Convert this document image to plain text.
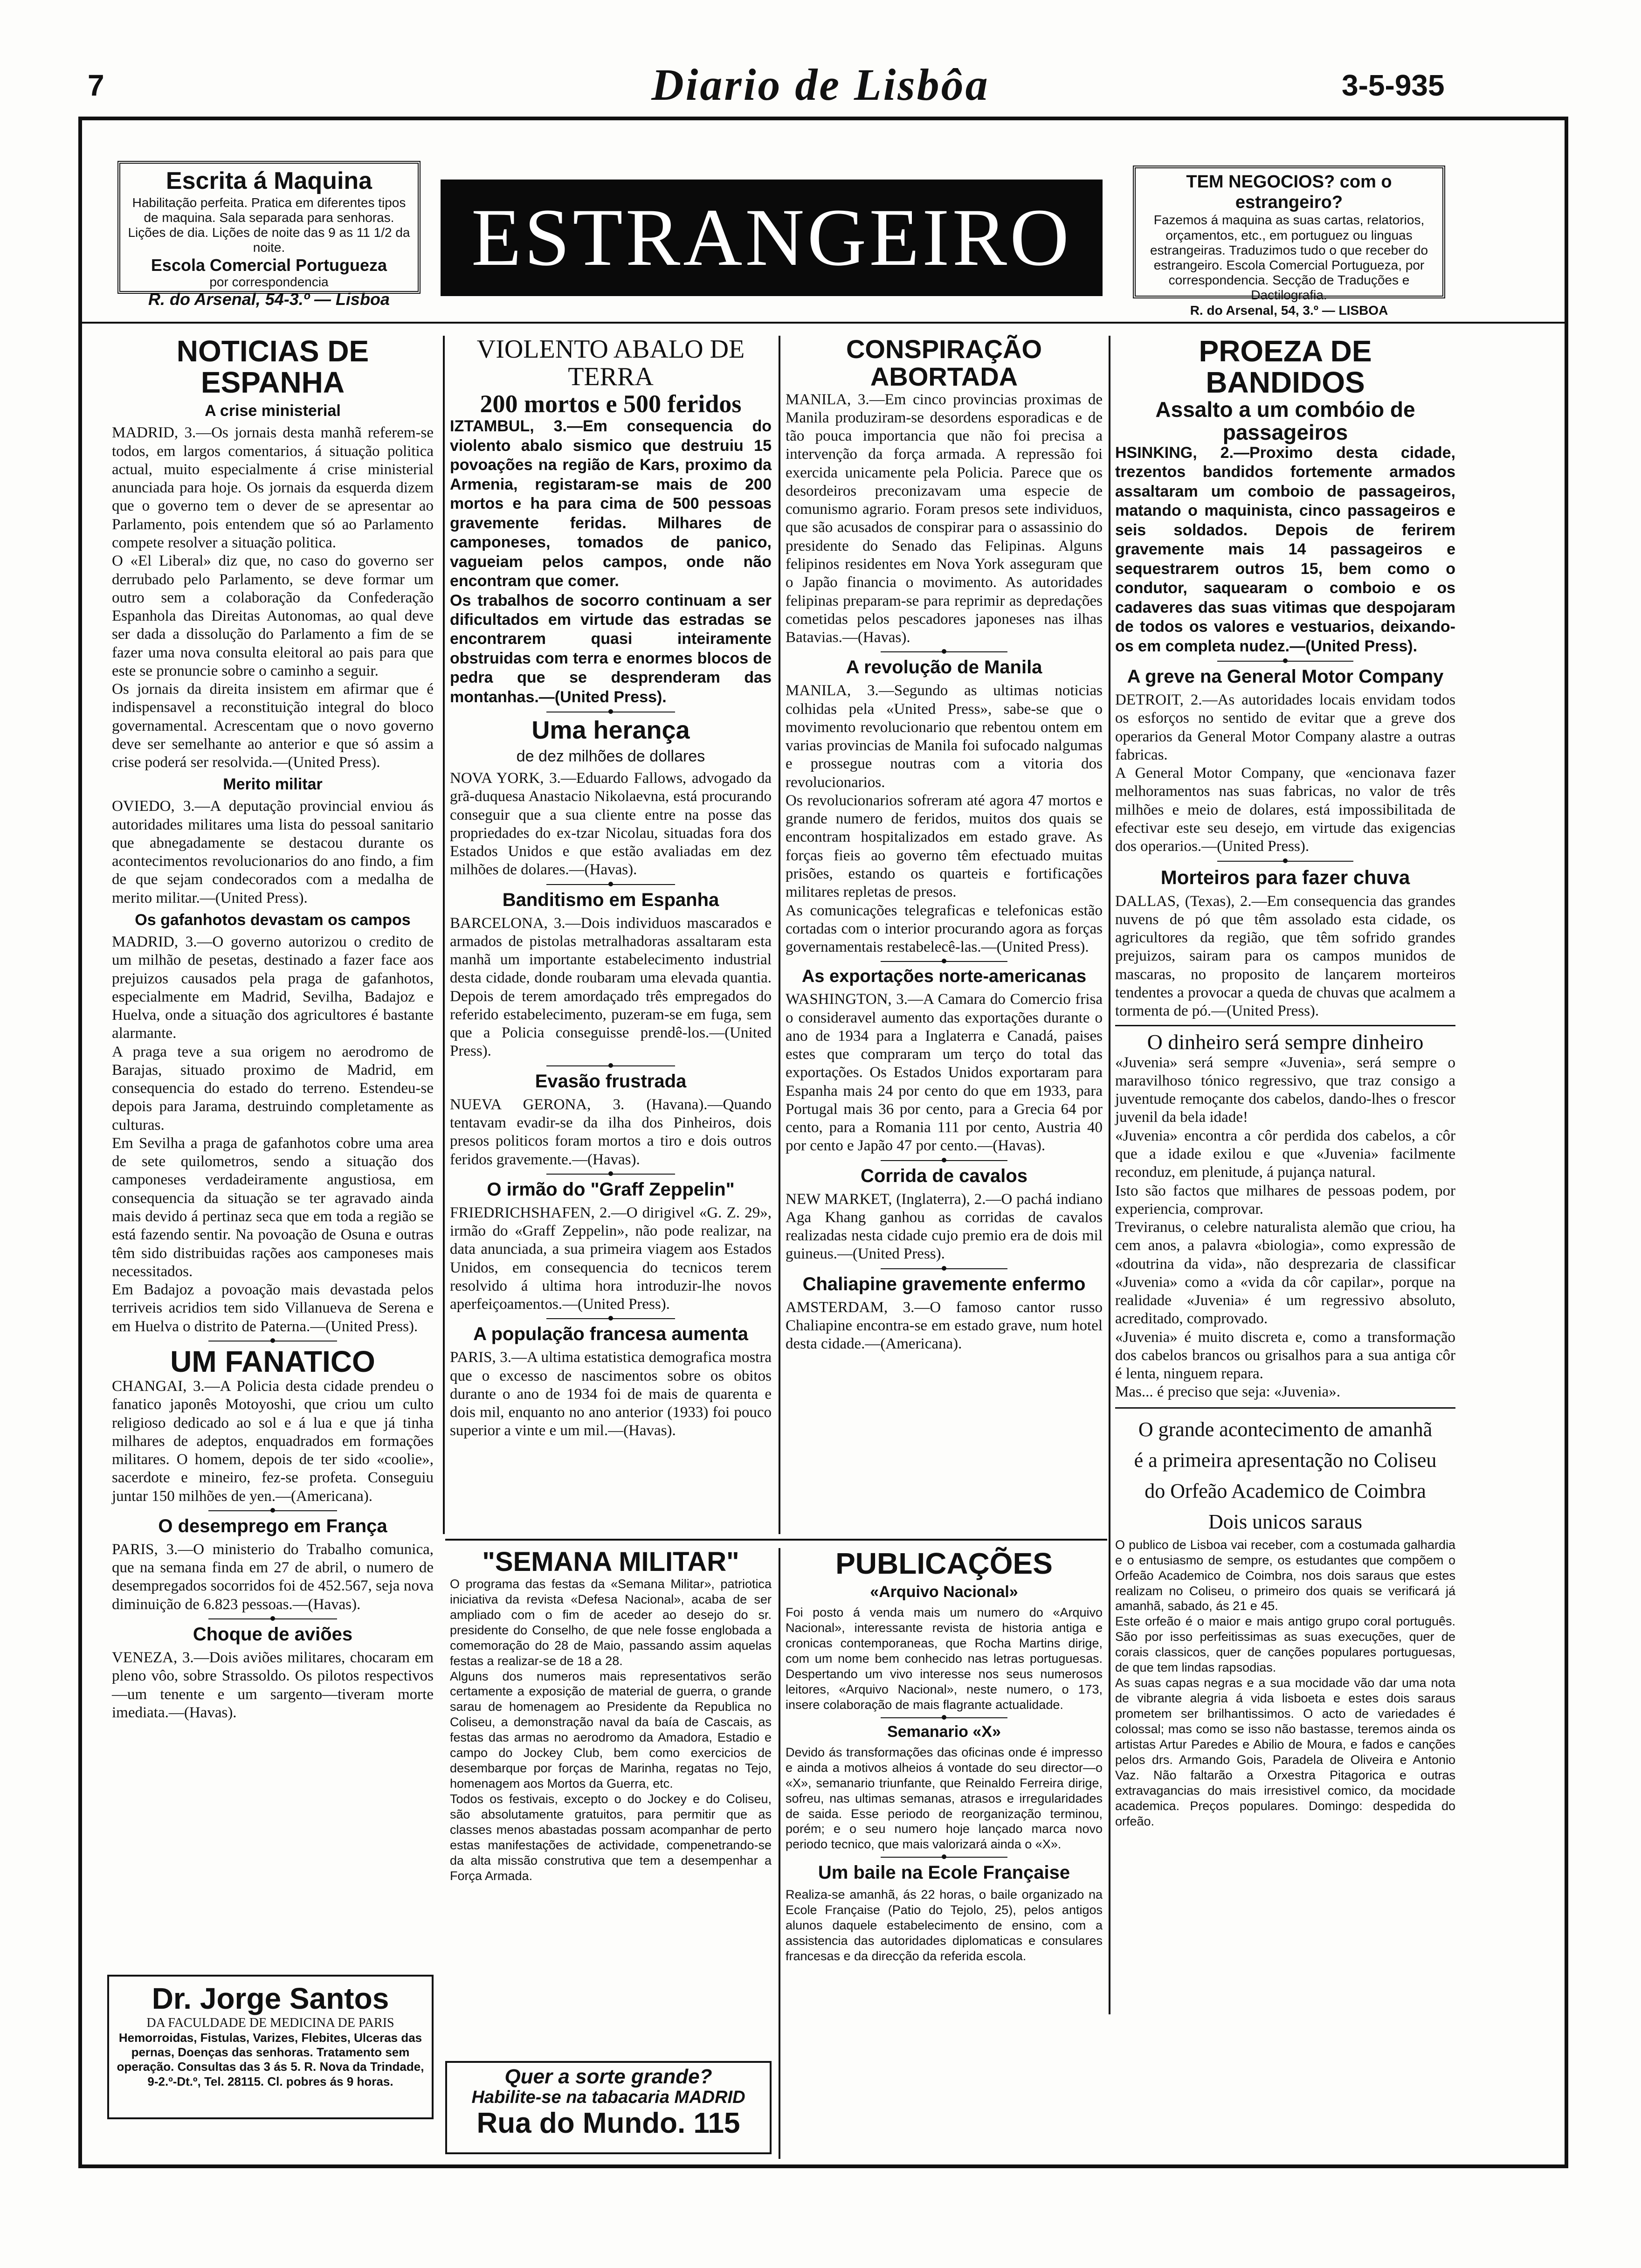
7	Diario de Lisbôa	3-5-935
Escrita á Maquina
Habilitação perfeita. Pratica em diferentes tipos de maquina. Sala separada para senhoras. Lições de dia. Lições de noite das 9 as 11 1/2 da noite.
Escola Comercial Portugueza
por correspondencia
R. do Arsenal, 54-3.º — Lisboa
ESTRANGEIRO
TEM NEGOCIOS? com o estrangeiro?
Fazemos á maquina as suas cartas, relatorios, orçamentos, etc., em portuguez ou linguas estrangeiras. Traduzimos tudo o que receber do estrangeiro. Escola Comercial Portugueza, por correspondencia. Secção de Traduções e Dactilografia.
R. do Arsenal, 54, 3.º — LISBOA
NOTICIAS DE ESPANHA
A crise ministerial

MADRID, 3.—Os jornais desta manhã referem-se todos, em largos comentarios, á situação politica actual, muito especialmente á crise ministerial anunciada para hoje. Os jornais da esquerda dizem que o governo tem o dever de se apresentar ao Parlamento, pois entendem que só ao Parlamento compete resolver a situação politica.

O «El Liberal» diz que, no caso do governo ser derrubado pelo Parlamento, se deve formar um outro sem a colaboração da Confederação Espanhola das Direitas Autonomas, ao qual deve ser dada a dissolução do Parlamento a fim de se fazer uma nova consulta eleitoral ao pais para que este se pronuncie sobre o caminho a seguir.

Os jornais da direita insistem em afirmar que é indispensavel a reconstituição integral do bloco governamental. Acrescentam que o novo governo deve ser semelhante ao anterior e que só assim a crise poderá ser resolvida.—(United Press).

Merito militar

OVIEDO, 3.—A deputação provincial enviou ás autoridades militares uma lista do pessoal sanitario que abnegadamente se destacou durante os acontecimentos revolucionarios do ano findo, a fim de que sejam condecorados com a medalha de merito militar.—(United Press).

Os gafanhotos devastam os campos

MADRID, 3.—O governo autorizou o credito de um milhão de pesetas, destinado a fazer face aos prejuizos causados pela praga de gafanhotos, especialmente em Madrid, Sevilha, Badajoz e Huelva, onde a situação dos agricultores é bastante alarmante.

A praga teve a sua origem no aerodromo de Barajas, situado proximo de Madrid, em consequencia do estado do terreno. Estendeu-se depois para Jarama, destruindo completamente as culturas.

Em Sevilha a praga de gafanhotos cobre uma area de sete quilometros, sendo a situação dos camponeses verdadeiramente angustiosa, em consequencia da situação se ter agravado ainda mais devido á pertinaz seca que em toda a região se está fazendo sentir. Na povoação de Osuna e outras têm sido distribuidas rações aos camponeses mais necessitados.

Em Badajoz a povoação mais devastada pelos terriveis acridios tem sido Villanueva de Serena e em Huelva o distrito de Paterna.—(United Press).

UM FANATICO

CHANGAI, 3.—A Policia desta cidade prendeu o fanatico japonês Motoyoshi, que criou um culto religioso dedicado ao sol e á lua e que já tinha milhares de adeptos, enquadrados em formações militares. O homem, depois de ter sido «coolie», sacerdote e mineiro, fez-se profeta. Conseguiu juntar 150 milhões de yen.—(Americana).

O desemprego em França

PARIS, 3.—O ministerio do Trabalho comunica, que na semana finda em 27 de abril, o numero de desempregados socorridos foi de 452.567, seja nova diminuição de 6.823 pessoas.—(Havas).

Choque de aviões

VENEZA, 3.—Dois aviões militares, chocaram em pleno vôo, sobre Strassoldo. Os pilotos respectivos—um tenente e um sargento—tiveram morte imediata.—(Havas).

Dr. Jorge Santos
DA FACULDADE DE MEDICINA DE PARIS
Hemorroidas, Fistulas, Varizes, Flebites, Ulceras das pernas, Doenças das senhoras. Tratamento sem operação. Consultas das 3 ás 5. R. Nova da Trindade, 9-2.º-Dt.º, Tel. 28115. Cl. pobres ás 9 horas.
VIOLENTO ABALO DE TERRA
200 mortos e 500 feridos

IZTAMBUL, 3.—Em consequencia do violento abalo sismico que destruiu 15 povoações na região de Kars, proximo da Armenia, registaram-se mais de 200 mortos e ha para cima de 500 pessoas gravemente feridas. Milhares de camponeses, tomados de panico, vagueiam pelos campos, onde não encontram que comer.

Os trabalhos de socorro continuam a ser dificultados em virtude das estradas se encontrarem quasi inteiramente obstruidas com terra e enormes blocos de pedra que se desprenderam das montanhas.—(United Press).

Uma herança
de dez milhões de dollares

NOVA YORK, 3.—Eduardo Fallows, advogado da grã-duquesa Anastacio Nikolaevna, está procurando conseguir que a sua cliente entre na posse das propriedades do ex-tzar Nicolau, situadas fora dos Estados Unidos e que estão avaliadas em dez milhões de dolares.—(Havas).

Banditismo em Espanha

BARCELONA, 3.—Dois individuos mascarados e armados de pistolas metralhadoras assaltaram esta manhã um importante estabelecimento industrial desta cidade, donde roubaram uma elevada quantia. Depois de terem amordaçado três empregados do referido estabelecimento, puzeram-se em fuga, sem que a Policia conseguisse prendê-los.—(United Press).

Evasão frustrada

NUEVA GERONA, 3. (Havana).—Quando tentavam evadir-se da ilha dos Pinheiros, dois presos politicos foram mortos a tiro e dois outros feridos gravemente.—(Havas).

O irmão do "Graff Zeppelin"

FRIEDRICHSHAFEN, 2.—O dirigivel «G. Z. 29», irmão do «Graff Zeppelin», não pode realizar, na data anunciada, a sua primeira viagem aos Estados Unidos, em consequencia do tecnicos terem resolvido á ultima hora introduzir-lhe novos aperfeiçoamentos.—(United Press).

A população francesa aumenta

PARIS, 3.—A ultima estatistica demografica mostra que o excesso de nascimentos sobre os obitos durante o ano de 1934 foi de mais de quarenta e dois mil, enquanto no ano anterior (1933) foi pouco superior a vinte e um mil.—(Havas).

CONSPIRAÇÃO ABORTADA

MANILA, 3.—Em cinco provincias proximas de Manila produziram-se desordens esporadicas e de tão pouca importancia que não foi precisa a intervenção da força armada. A repressão foi exercida unicamente pela Policia. Parece que os desordeiros preconizavam uma especie de comunismo agrario. Foram presos sete individuos, que são acusados de conspirar para o assassinio do presidente do Senado das Felipinas. Alguns felipinos residentes em Nova York asseguram que o Japão financia o movimento. As autoridades felipinas preparam-se para reprimir as depredações cometidas pelos pescadores japoneses nas ilhas Batavias.—(Havas).

A revolução de Manila

MANILA, 3.—Segundo as ultimas noticias colhidas pela «United Press», sabe-se que o movimento revolucionario que rebentou ontem em varias provincias de Manila foi sufocado nalgumas e prossegue noutras com a vitoria dos revolucionarios.

Os revolucionarios sofreram até agora 47 mortos e grande numero de feridos, muitos dos quais se encontram hospitalizados em estado grave. As forças fieis ao governo têm efectuado muitas prisões, estando os quarteis e fortificações militares repletas de presos.

As comunicações telegraficas e telefonicas estão cortadas com o interior procurando agora as forças governamentais restabelecê-las.—(United Press).

As exportações norte-americanas

WASHINGTON, 3.—A Camara do Comercio frisa o consideravel aumento das exportações durante o ano de 1934 para a Inglaterra e Canadá, paises estes que compraram um terço do total das exportações. Os Estados Unidos exportaram para Espanha mais 24 por cento do que em 1933, para Portugal mais 36 por cento, para a Grecia 64 por cento, para a Romania 111 por cento, Austria 40 por cento e Japão 47 por cento.—(Havas).

Corrida de cavalos

NEW MARKET, (Inglaterra), 2.—O pachá indiano Aga Khang ganhou as corridas de cavalos realizadas nesta cidade cujo premio era de dois mil guineus.—(United Press).

Chaliapine gravemente enfermo

AMSTERDAM, 3.—O famoso cantor russo Chaliapine encontra-se em estado grave, num hotel desta cidade.—(Americana).

PROEZA DE BANDIDOS
Assalto a um combóio de passageiros

HSINKING, 2.—Proximo desta cidade, trezentos bandidos fortemente armados assaltaram um comboio de passageiros, matando o maquinista, cinco passageiros e seis soldados. Depois de ferirem gravemente mais 14 passageiros e sequestrarem outros 15, bem como o condutor, saquearam o comboio e os cadaveres das suas vitimas que despojaram de todos os valores e vestuarios, deixando-os em completa nudez.—(United Press).

A greve na General Motor Company

DETROIT, 2.—As autoridades locais envidam todos os esforços no sentido de evitar que a greve dos operarios da General Motor Company alastre a outras fabricas.

A General Motor Company, que «encionava fazer melhoramentos nas suas fabricas, no valor de três milhões e meio de dolares, está impossibilitada de efectivar este seu desejo, em virtude das exigencias dos operarios.—(United Press).

Morteiros para fazer chuva

DALLAS, (Texas), 2.—Em consequencia das grandes nuvens de pó que têm assolado esta cidade, os agricultores da região, que têm sofrido grandes prejuizos, sairam para os campos munidos de mascaras, no proposito de lançarem morteiros tendentes a provocar a queda de chuvas que acalmem a tormenta de pó.—(United Press).

O dinheiro será sempre dinheiro

«Juvenia» será sempre «Juvenia», será sempre o maravilhoso tónico regressivo, que traz consigo a juventude remoçante dos cabelos, dando-lhes o frescor juvenil da bela idade!

«Juvenia» encontra a côr perdida dos cabelos, a côr que a idade exilou e que «Juvenia» facilmente reconduz, em plenitude, á pujança natural.

Isto são factos que milhares de pessoas podem, por experiencia, comprovar.

Treviranus, o celebre naturalista alemão que criou, ha cem anos, a palavra «biologia», como expressão de «doutrina da vida», não desprezaria de classificar «Juvenia» como a «vida da côr capilar», porque na realidade «Juvenia» é um regressivo absoluto, acreditado, comprovado.

«Juvenia» é muito discreta e, como a transformação dos cabelos brancos ou grisalhos para a sua antiga côr é lenta, ninguem repara.

Mas... é preciso que seja: «Juvenia».

O grande acontecimento de amanhã
é a primeira apresentação no Coliseu
do Orfeão Academico de Coimbra
Dois unicos saraus

O publico de Lisboa vai receber, com a costumada galhardia e o entusiasmo de sempre, os estudantes que compõem o Orfeão Academico de Coimbra, nos dois saraus que estes realizam no Coliseu, o primeiro dos quais se verificará já amanhã, sabado, ás 21 e 45.

Este orfeão é o maior e mais antigo grupo coral português. São por isso perfeitissimas as suas execuções, quer de corais classicos, quer de canções populares portuguesas, de que tem lindas rapsodias.

As suas capas negras e a sua mocidade vão dar uma nota de vibrante alegria á vida lisboeta e estes dois saraus prometem ser brilhantissimos. O acto de variedades é colossal; mas como se isso não bastasse, teremos ainda os artistas Artur Paredes e Abilio de Moura, e fados e canções pelos drs. Armando Gois, Paradela de Oliveira e Antonio Vaz. Não faltarão a Orxestra Pitagorica e outras extravagancias do mais irresistivel comico, da mocidade academica. Preços populares. Domingo: despedida do orfeão.

"SEMANA MILITAR"

O programa das festas da «Semana Militar», patriotica iniciativa da revista «Defesa Nacional», acaba de ser ampliado com o fim de aceder ao desejo do sr. presidente do Conselho, de que nele fosse englobada a comemoração do 28 de Maio, passando assim aquelas festas a realizar-se de 18 a 28.

Alguns dos numeros mais representativos serão certamente a exposição de material de guerra, o grande sarau de homenagem ao Presidente da Republica no Coliseu, a demonstração naval da baía de Cascais, as festas das armas no aerodromo da Amadora, Estadio e campo do Jockey Club, bem como exercicios de desembarque por forças de Marinha, regatas no Tejo, homenagem aos Mortos da Guerra, etc.

Todos os festivais, excepto o do Jockey e do Coliseu, são absolutamente gratuitos, para permitir que as classes menos abastadas possam acompanhar de perto estas manifestações de actividade, compenetrando-se da alta missão construtiva que tem a desempenhar a Força Armada.

Quer a sorte grande?
Habilite-se na tabacaria MADRID
Rua do Mundo. 115
PUBLICAÇÕES
«Arquivo Nacional»

Foi posto á venda mais um numero do «Arquivo Nacional», interessante revista de historia antiga e cronicas contemporaneas, que Rocha Martins dirige, com um nome bem conhecido nas letras portuguesas. Despertando um vivo interesse nos seus numerosos leitores, «Arquivo Nacional», neste numero, o 173, insere colaboração de mais flagrante actualidade.

Semanario «X»

Devido ás transformações das oficinas onde é impresso e ainda a motivos alheios á vontade do seu director—o «X», semanario triunfante, que Reinaldo Ferreira dirige, sofreu, nas ultimas semanas, atrasos e irregularidades de saida. Esse periodo de reorganização terminou, porém; e o seu numero hoje lançado marca novo periodo tecnico, que mais valorizará ainda o «X».

Um baile na Ecole Française

Realiza-se amanhã, ás 22 horas, o baile organizado na Ecole Française (Patio do Tejolo, 25), pelos antigos alunos daquele estabelecimento de ensino, com a assistencia das autoridades diplomaticas e consulares francesas e da direcção da referida escola.
